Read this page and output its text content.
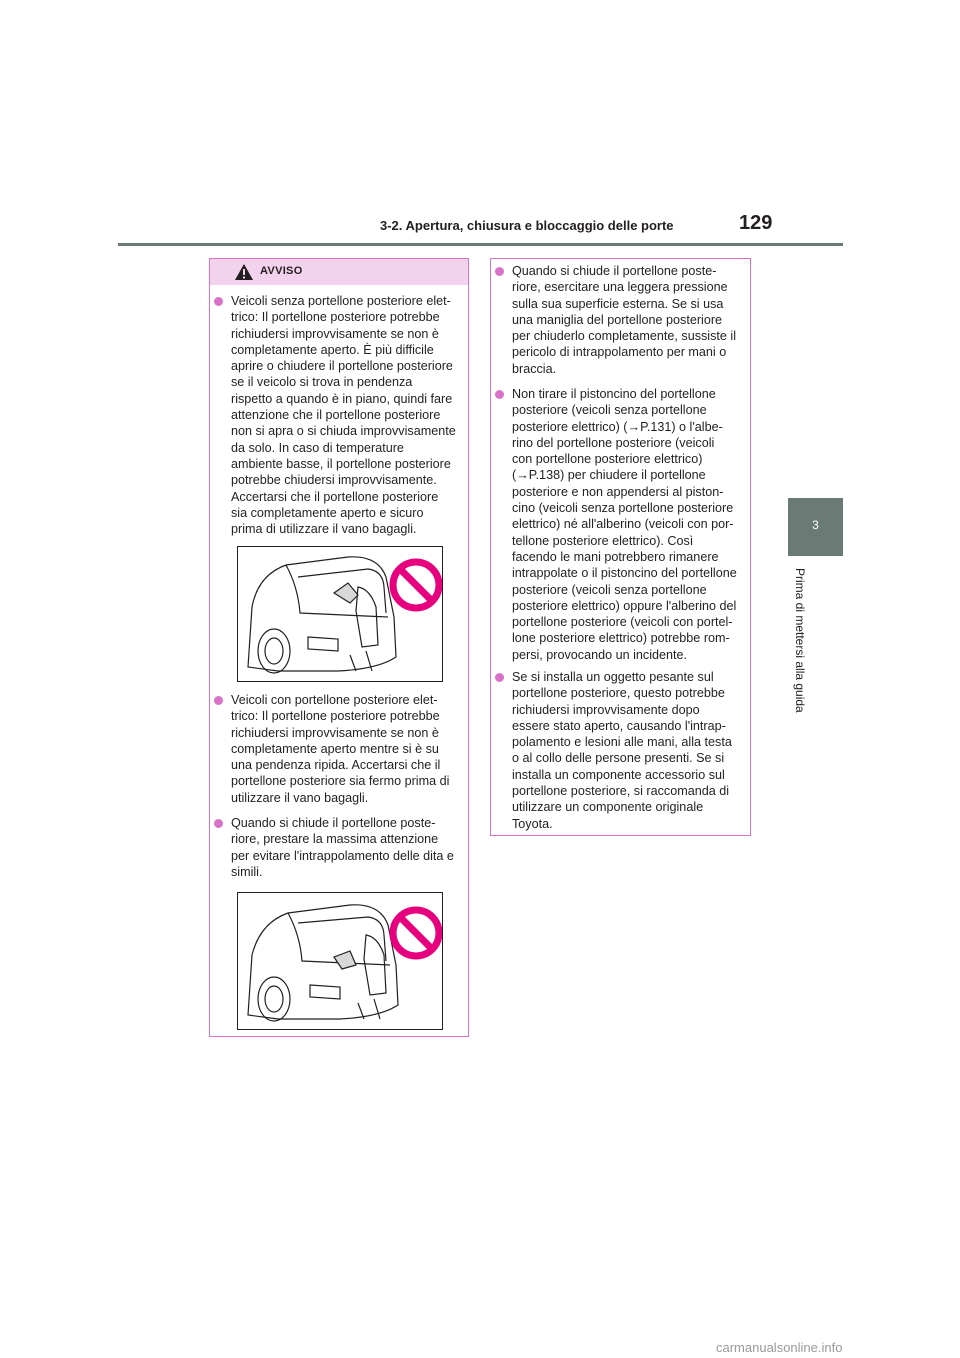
3-2. Apertura, chiusura e bloccaggio delle porte	129
3
Prima di mettersi alla guida
AVVISO
Veicoli senza portellone posteriore elet-
trico: Il portellone posteriore potrebbe
richiudersi improvvisamente se non è
completamente aperto. È più difficile
aprire o chiudere il portellone posteriore
se il veicolo si trova in pendenza
rispetto a quando è in piano, quindi fare
attenzione che il portellone posteriore
non si apra o si chiuda improvvisamente
da solo. In caso di temperature
ambiente basse, il portellone posteriore
potrebbe chiudersi improvvisamente.
Accertarsi che il portellone posteriore
sia completamente aperto e sicuro
prima di utilizzare il vano bagagli.
Veicoli con portellone posteriore elet-
trico: Il portellone posteriore potrebbe
richiudersi improvvisamente se non è
completamente aperto mentre si è su
una pendenza ripida. Accertarsi che il
portellone posteriore sia fermo prima di
utilizzare il vano bagagli.
Quando si chiude il portellone poste-
riore, prestare la massima attenzione
per evitare l'intrappolamento delle dita e
simili.
Quando si chiude il portellone poste-
riore, esercitare una leggera pressione
sulla sua superficie esterna. Se si usa
una maniglia del portellone posteriore
per chiuderlo completamente, sussiste il
pericolo di intrappolamento per mani o
braccia.
Non tirare il pistoncino del portellone
posteriore (veicoli senza portellone
posteriore elettrico) (→P.131) o l'albe-
rino del portellone posteriore (veicoli
con portellone posteriore elettrico)
(→P.138) per chiudere il portellone
posteriore e non appendersi al piston-
cino (veicoli senza portellone posteriore
elettrico) né all'alberino (veicoli con por-
tellone posteriore elettrico). Così
facendo le mani potrebbero rimanere
intrappolate o il pistoncino del portellone
posteriore (veicoli senza portellone
posteriore elettrico) oppure l'alberino del
portellone posteriore (veicoli con portel-
lone posteriore elettrico) potrebbe rom-
persi, provocando un incidente.
Se si installa un oggetto pesante sul
portellone posteriore, questo potrebbe
richiudersi improvvisamente dopo
essere stato aperto, causando l'intrap-
polamento e lesioni alle mani, alla testa
o al collo delle persone presenti. Se si
installa un componente accessorio sul
portellone posteriore, si raccomanda di
utilizzare un componente originale
Toyota.
carmanualsonline.info
